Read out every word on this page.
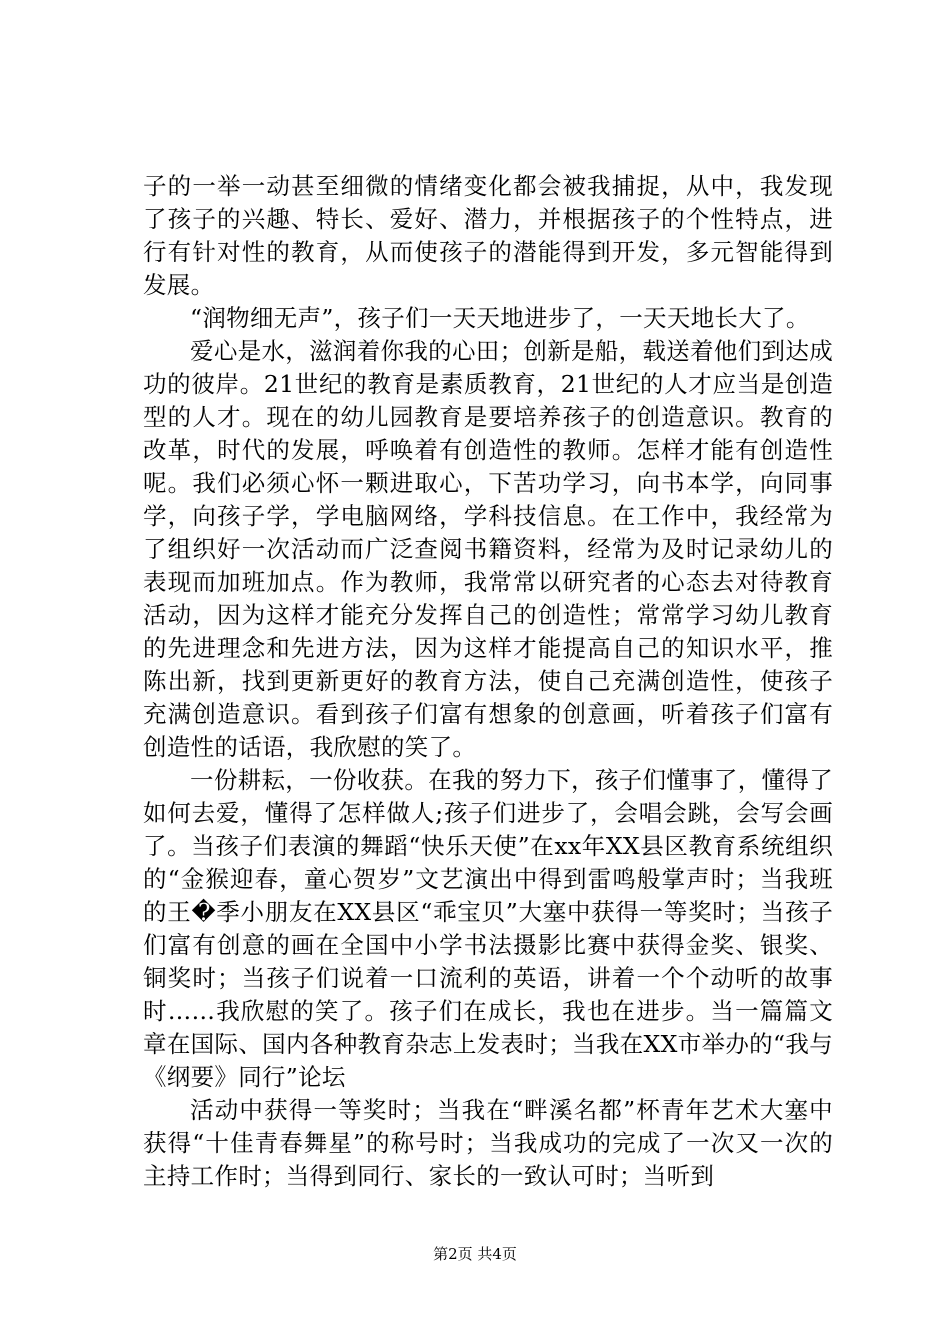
子的一举一动甚至细微的情绪变化都会被我捕捉，从中，我发现了孩子的兴趣、特长、爱好、潜力，并根据孩子的个性特点，进行有针对性的教育，从而使孩子的潜能得到开发，多元智能得到发展。

“润物细无声”，孩子们一天天地进步了，一天天地长大了。

爱心是水，滋润着你我的心田；创新是船，载送着他们到达成功的彼岸。21世纪的教育是素质教育，21世纪的人才应当是创造型的人才。现在的幼儿园教育是要培养孩子的创造意识。教育的改革，时代的发展，呼唤着有创造性的教师。怎样才能有创造性呢。我们必须心怀一颗进取心，下苦功学习，向书本学，向同事学，向孩子学，学电脑网络，学科技信息。在工作中，我经常为了组织好一次活动而广泛查阅书籍资料，经常为及时记录幼儿的表现而加班加点。作为教师，我常常以研究者的心态去对待教育活动，因为这样才能充分发挥自己的创造性；常常学习幼儿教育的先进理念和先进方法，因为这样才能提高自己的知识水平，推陈出新，找到更新更好的教育方法，使自己充满创造性，使孩子充满创造意识。看到孩子们富有想象的创意画，听着孩子们富有创造性的话语，我欣慰的笑了。

一份耕耘，一份收获。在我的努力下，孩子们懂事了，懂得了如何去爱，懂得了怎样做人;孩子们进步了，会唱会跳，会写会画了。当孩子们表演的舞蹈“快乐天使”在xx年XX县区教育系统组织的“金猴迎春，童心贺岁”文艺演出中得到雷鸣般掌声时；当我班的王�季小朋友在XX县区“乖宝贝”大塞中获得一等奖时；当孩子们富有创意的画在全国中小学书法摄影比赛中获得金奖、银奖、铜奖时；当孩子们说着一口流利的英语，讲着一个个动听的故事时……我欣慰的笑了。孩子们在成长，我也在进步。当一篇篇文章在国际、国内各种教育杂志上发表时；当我在XX市举办的“我与《纲要》同行”论坛

活动中获得一等奖时；当我在“畔溪名都”杯青年艺术大塞中获得“十佳青春舞星”的称号时；当我成功的完成了一次又一次的主持工作时；当得到同行、家长的一致认可时；当听到

第2页 共4页
